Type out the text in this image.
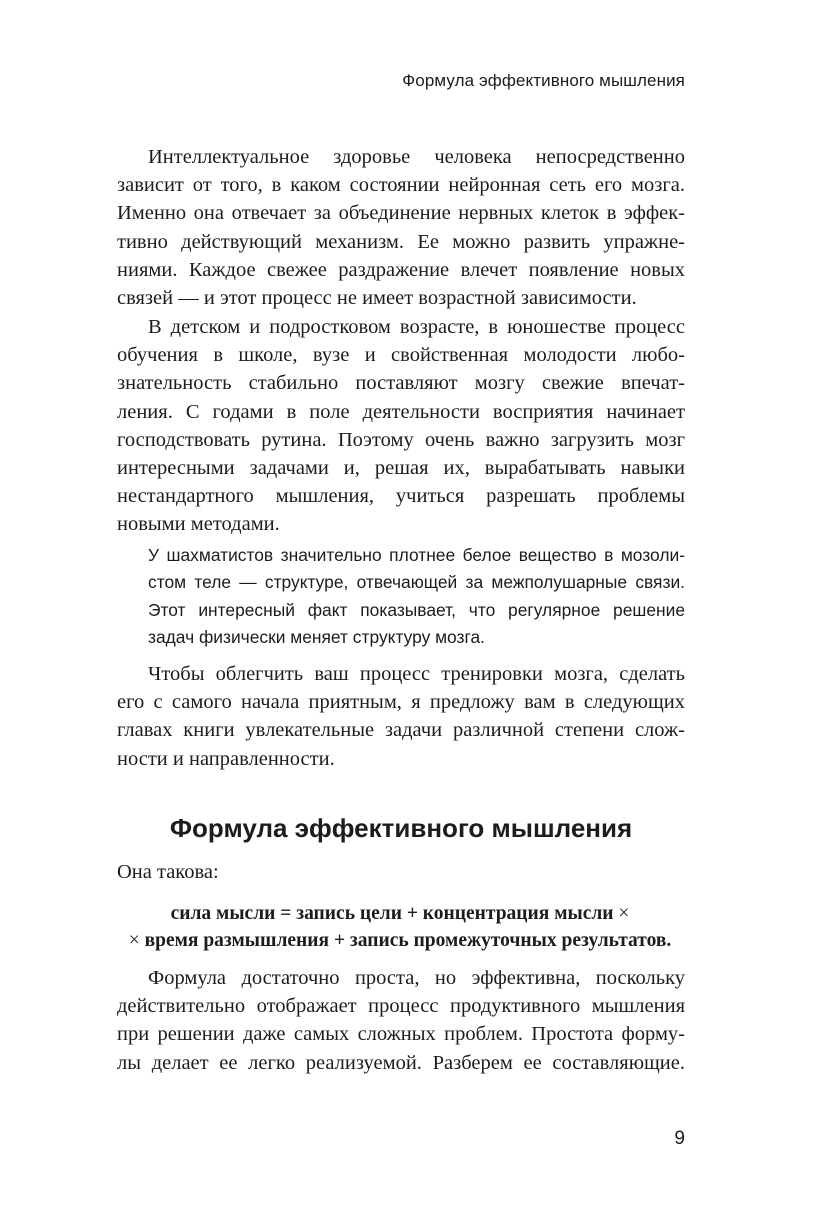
Формула эффективного мышления
Интеллектуальное здоровье человека непосредственно
зависит от того, в каком состоянии нейронная сеть его мозга.
Именно она отвечает за объединение нервных клеток в эффек-
тивно действующий механизм. Ее можно развить упражне-
ниями. Каждое свежее раздражение влечет появление новых
связей — и этот процесс не имеет возрастной зависимости.
В детском и подростковом возрасте, в юношестве процесс
обучения в школе, вузе и свойственная молодости любо-
знательность стабильно поставляют мозгу свежие впечат-
ления. С годами в поле деятельности восприятия начинает
господствовать рутина. Поэтому очень важно загрузить мозг
интересными задачами и, решая их, вырабатывать навыки
нестандартного мышления, учиться разрешать проблемы
новыми методами.
У шахматистов значительно плотнее белое вещество в мозоли-
стом теле — структуре, отвечающей за межполушарные связи.
Этот интересный факт показывает, что регулярное решение
задач физически меняет структуру мозга.
Чтобы облегчить ваш процесс тренировки мозга, сделать
его с самого начала приятным, я предложу вам в следующих
главах книги увлекательные задачи различной степени слож-
ности и направленности.
Формула эффективного мышления
Она такова:
сила мысли = запись цели + концентрация мысли ×
× время размышления + запись промежуточных результатов.
Формула достаточно проста, но эффективна, поскольку
действительно отображает процесс продуктивного мышления
при решении даже самых сложных проблем. Простота форму-
лы делает ее легко реализуемой. Разберем ее составляющие.
9
